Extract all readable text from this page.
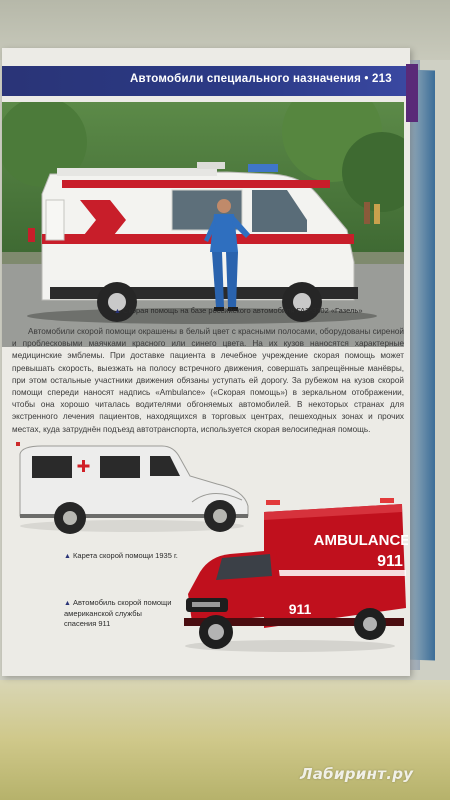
Автомобили специального назначения • 213
▲ Скорая помощь на базе российского автомобиля ГАЗ-3302 «Газель»

Автомобили скорой помощи окрашены в белый цвет с красными полосами, оборудованы сиреной и проблесковыми маячками красного или синего цвета. На их кузов наносятся характерные медицинские эмблемы. При доставке пациента в лечебное учреждение скорая помощь может превышать скорость, выезжать на полосу встречного движения, совершать запрещённые манёвры, при этом остальные участники движения обязаны уступать ей дорогу. За рубежом на кузов скорой помощи спереди наносят надпись «Ambulance» («Скорая помощь») в зеркальном отображении, чтобы она хорошо читалась водителями обгоняемых автомобилей. В некоторых странах для экстренного лечения пациентов, находящихся в торговых центрах, пешеходных зонах и прочих местах, куда затруднён подъезд автотранспорта, используется скорая велосипедная помощь.

▲ Карета скорой помощи 1935 г.
AMBULANCE
911
911
▲ Автомобиль скорой помощи американской службы спасения 911
Лабиринт.ру
